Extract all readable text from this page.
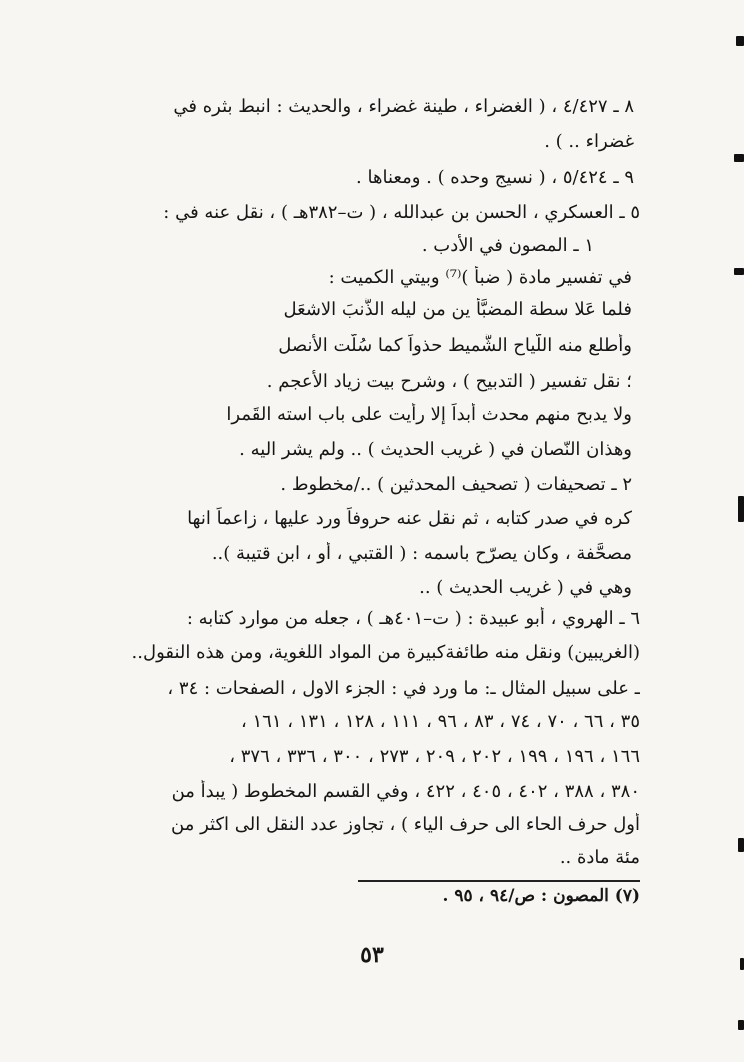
٨ ـ ٤/٤٢٧ ، ( الغضراء ، طينة غضراء ، والحديث : انبط بثره في
غضراء .. ) .
٩ ـ ٥/٤٢٤ ، ( نسيج وحده ) . ومعناها .
٥ ـ العسكري ، الحسن بن عبدالله ، ( ت–٣٨٢هـ ) ، نقل عنه في :
١ ـ المصون في الأدب .
في تفسير مادة ( ضبأ )⁽⁷⁾ وبيتي الكميت :
فلما عَلا سطة المضبَّأ ين من ليله الذَّنبَ الاشعَل
وأَطلع منه اللّياح الشَّميط حذواً كما سُلَّت الأنصل
؛ نقل تفسير ( التدبيح ) ، وشرح بيت زياد الأعجم .
ولا يدبح منهم محدث أبداً إلا رأيت على باب استه القَمرا
وهذان النّصان في ( غريب الحديث ) .. ولم يشر اليه .
٢ ـ تصحيفات ( تصحيف المحدثين ) ../مخطوط .
كره في صدر كتابه ، ثم نقل عنه حروفاً ورد عليها ، زاعماً انها
مصحَّفة ، وكان يصرّح باسمه : ( القتبي ، أو ، ابن قتيبة )..
وهي في ( غريب الحديث ) ..
٦ ـ الهروي ، أبو عبيدة : ( ت–٤٠١هـ ) ، جعله من موارد كتابه :
(الغريبين) ونقل منه طائفةكبيرة من المواد اللغوية، ومن هذه النقول..
ـ على سبيل المثال ـ: ما ورد في : الجزء الاول ، الصفحات : ٣٤ ،
٣٥ ، ٦٦ ، ٧٠ ، ٧٤ ، ٨٣ ، ٩٦ ، ١١١ ، ١٢٨ ، ١٣١ ، ١٦١ ،
١٦٦ ، ١٩٦ ، ١٩٩ ، ٢٠٢ ، ٢٠٩ ، ٢٧٣ ، ٣٠٠ ، ٣٣٦ ، ٣٧٦ ،
٣٨٠ ، ٣٨٨ ، ٤٠٢ ، ٤٠٥ ، ٤٢٢ ، وفي القسم المخطوط ( يبدأ من
أول حرف الحاء الى حرف الياء ) ، تجاوز عدد النقل الى اكثر من
مئة مادة ..
(٧) المصون : ص/٩٤ ، ٩٥ .
٥٣
